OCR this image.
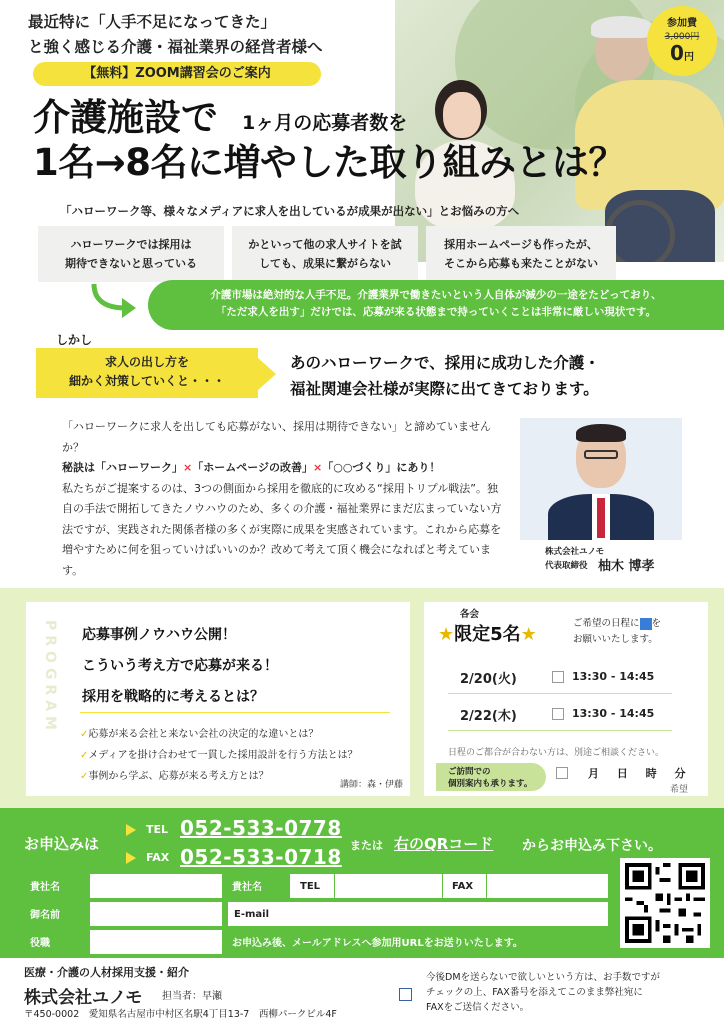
最近特に「人手不足になってきた」
と強く感じる介護・福祉業界の経営者様へ
【無料】ZOOM講習会のご案内
介護施設で 1ヶ月の応募者数を
1名→8名に増やした取り組みとは？
参加費
3,000円
0円
「ハローワーク等、様々なメディアに求人を出しているが成果が出ない」とお悩みの方へ
ハローワークでは採用は
期待できないと思っている
かといって他の求人サイトを試
しても、成果に繋がらない
採用ホームページも作ったが、
そこから応募も来たことがない
介護市場は絶対的な人手不足。介護業界で働きたいという人自体が減少の一途をたどっており、
「ただ求人を出す」だけでは、応募が来る状態まで持っていくことは非常に厳しい現状です。
しかし
求人の出し方を
細かく対策していくと・・・
あのハローワークで、採用に成功した介護・
福祉関連会社様が実際に出てきております。
「ハローワークに求人を出しても応募がない、採用は期待できない」と諦めていませんか？
秘訣は「ハローワーク」×「ホームページの改善」×「○○づくり」にあり！
私たちがご提案するのは、3つの側面から採用を徹底的に攻める“採用トリプル戦法”。独自の手法で開拓してきたノウハウのため、多くの介護・福祉業界にまだ広まっていない方法ですが、実践された関係者様の多くが実際に成果を実感されています。これから応募を増やすために何を狙っていけばいいのか？改めて考えて頂く機会になればと考えています。
株式会社ユノモ
代表取締役 柚木 博孝
PROGRAM 応募事例ノウハウ公開！
こういう考え方で応募が来る！
採用を戦略的に考えるとは？
✓応募が来る会社と来ない会社の決定的な違いとは？
✓メディアを掛け合わせて一貫した採用設計を行う方法とは？
✓事例から学ぶ、応募が来る考え方とは？
講師：森・伊藤
各会
★限定5名★
ご希望の日程に を
お願いいたします。
2/20(火)	13:30 - 14:45
2/22(木)	13:30 - 14:45
日程のご都合が合わない方は、別途ご相談ください。
ご訪問での
個別案内も承ります。
月 日 時 分
希望
お申込みは
TEL 052-533-0778
FAX 052-533-0718 または 右のQRコード からお申込み下さい。
貴社名	貴社名	TEL	FAX
御名前	E-mail
役職	お申込み後、メールアドレスへ参加用URLをお送りいたします。
医療・介護の人材採用支援・紹介
株式会社ユノモ 担当者：早瀬
〒450-0002　愛知県名古屋市中村区名駅4丁目13-7　西柳パークビル4F
今後DMを送らないで欲しいという方は、お手数ですが
チェックの上、FAX番号を添えてこのまま弊社宛に
FAXをご送信ください。
